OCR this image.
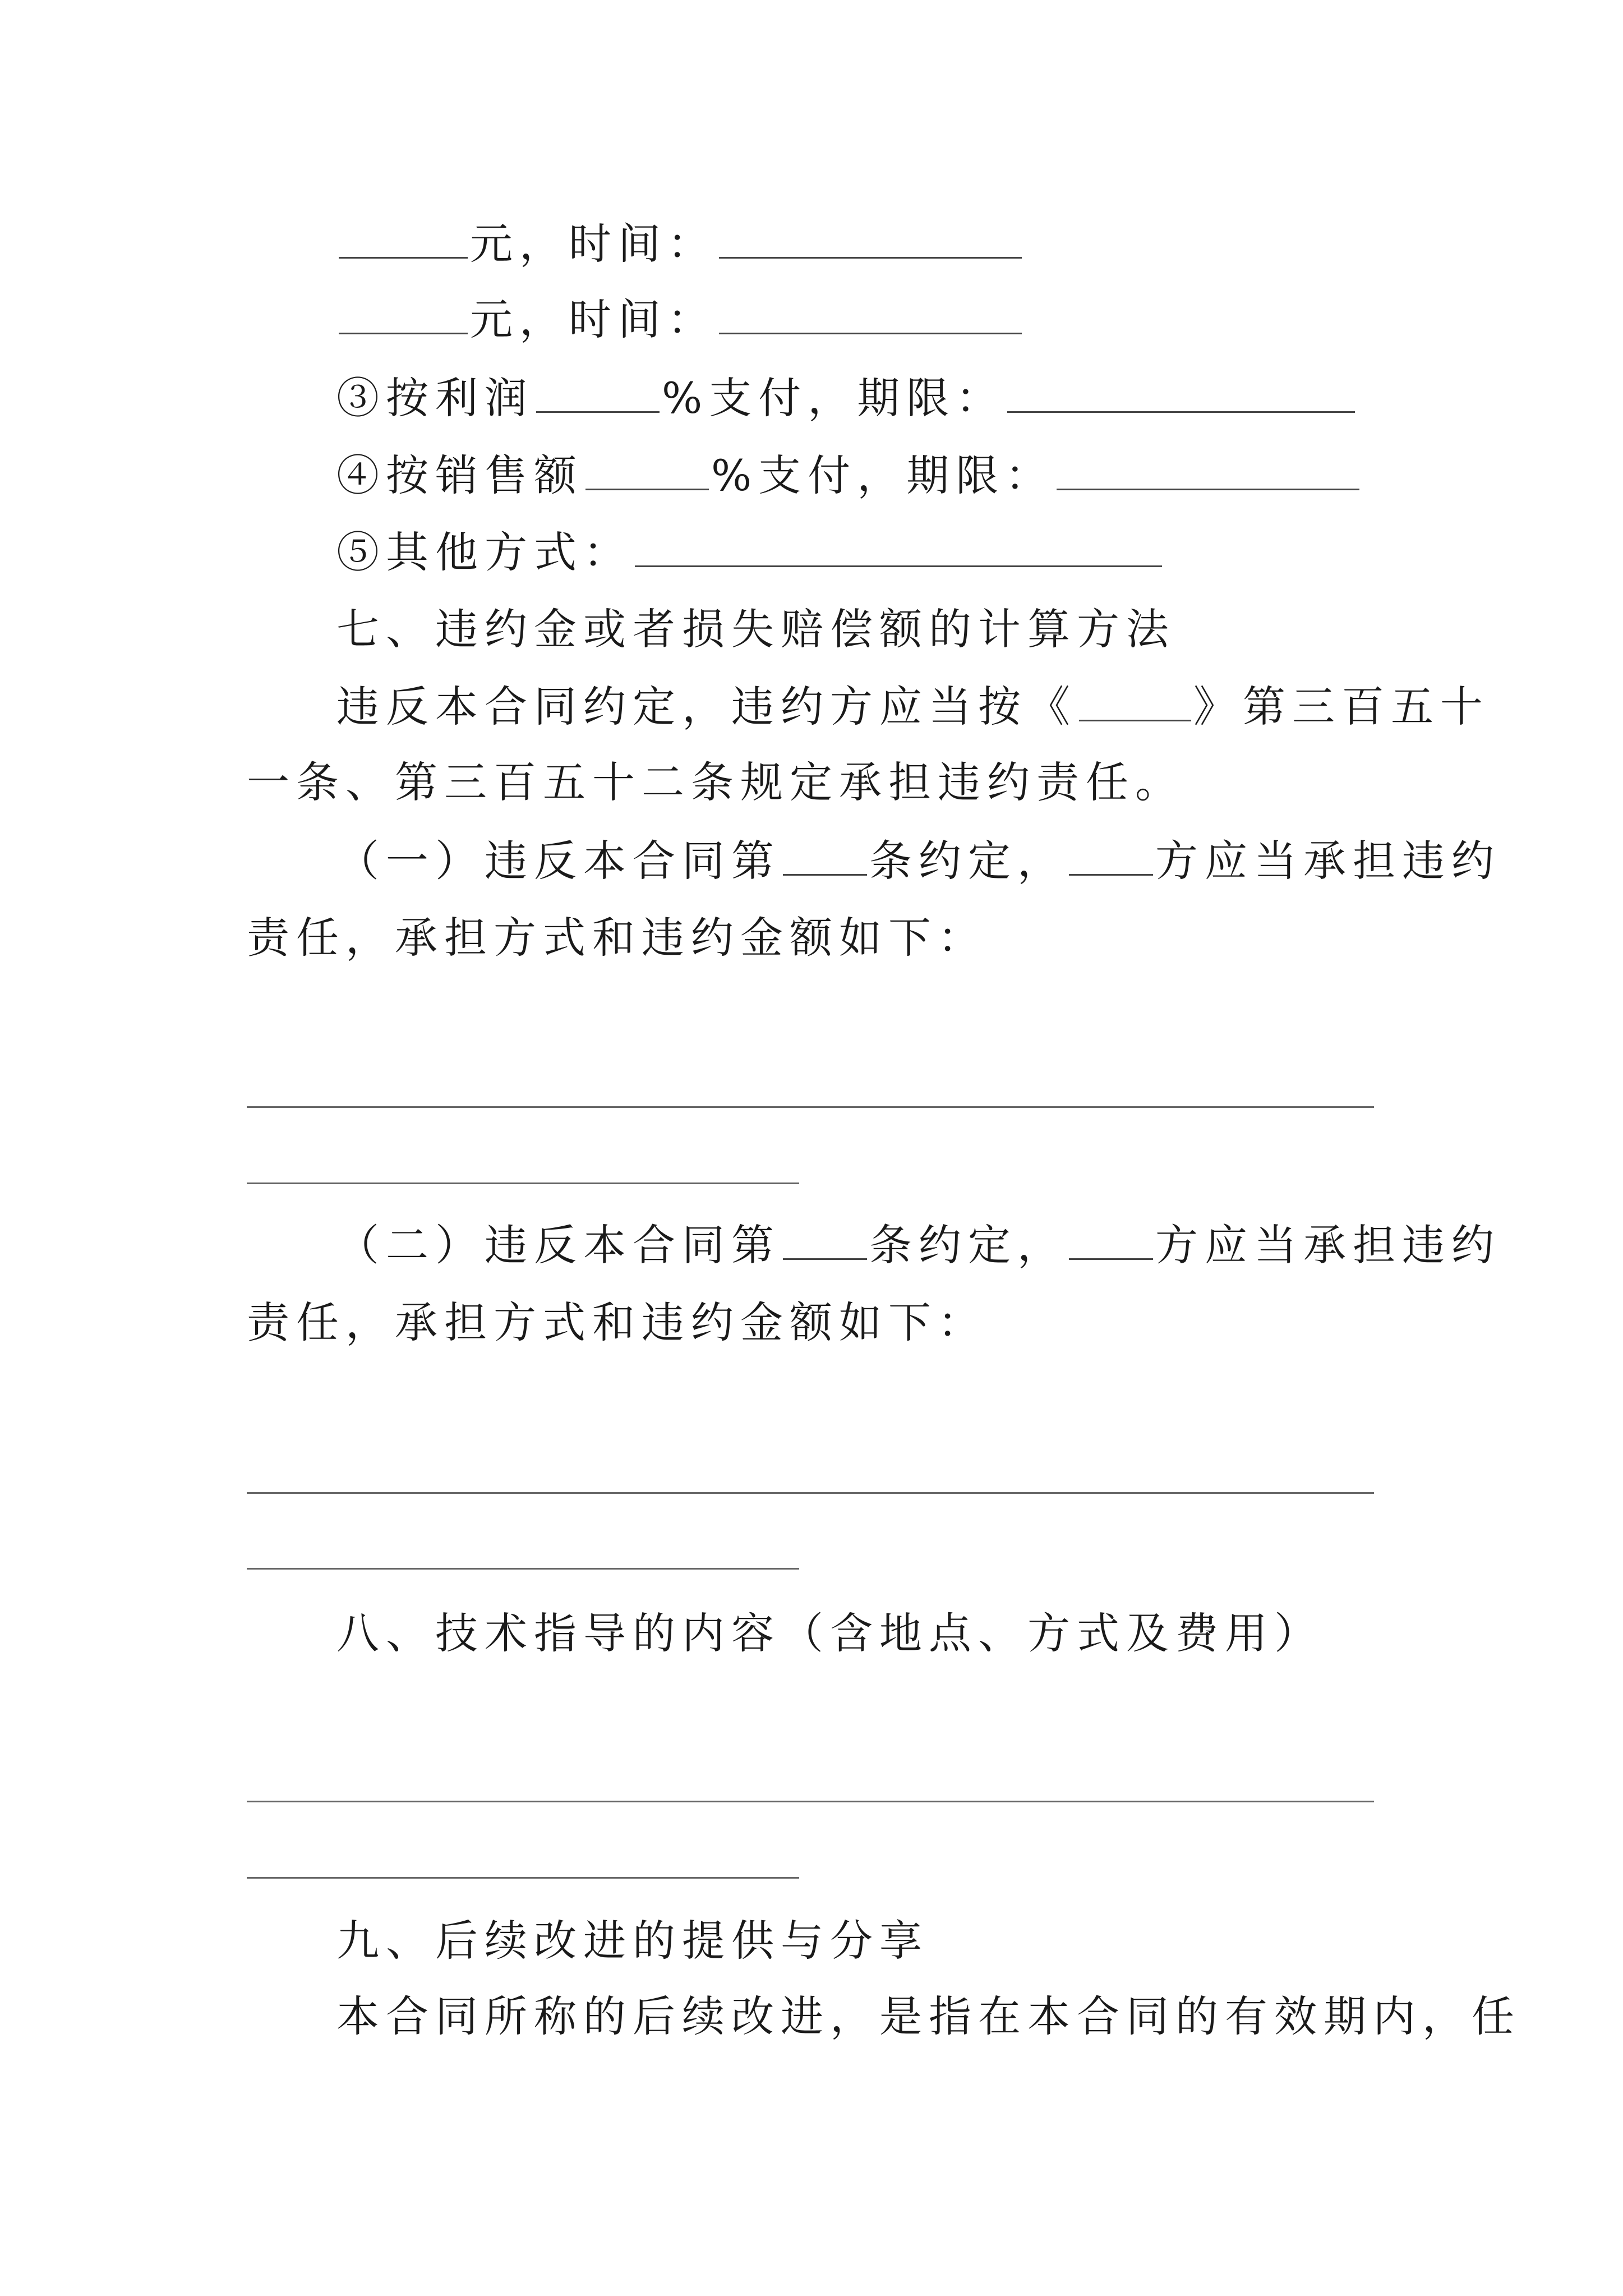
元，时间：
元，时间：
③按利润	%支付，期限：
④按销售额	%支付，期限：
⑤其他方式：
七、违约金或者损失赔偿额的计算方法
违反本合同约定，违约方应当按《	》第三百五十
一条、第三百五十二条规定承担违约责任。
（一）违反本合同第 条约定， 方应当承担违约
责任，承担方式和违约金额如下：
（二）违反本合同第 条约定， 方应当承担违约
责任，承担方式和违约金额如下：
八、技术指导的内容（含地点、方式及费用）
九、后续改进的提供与分享
本合同所称的后续改进，是指在本合同的有效期内，任
